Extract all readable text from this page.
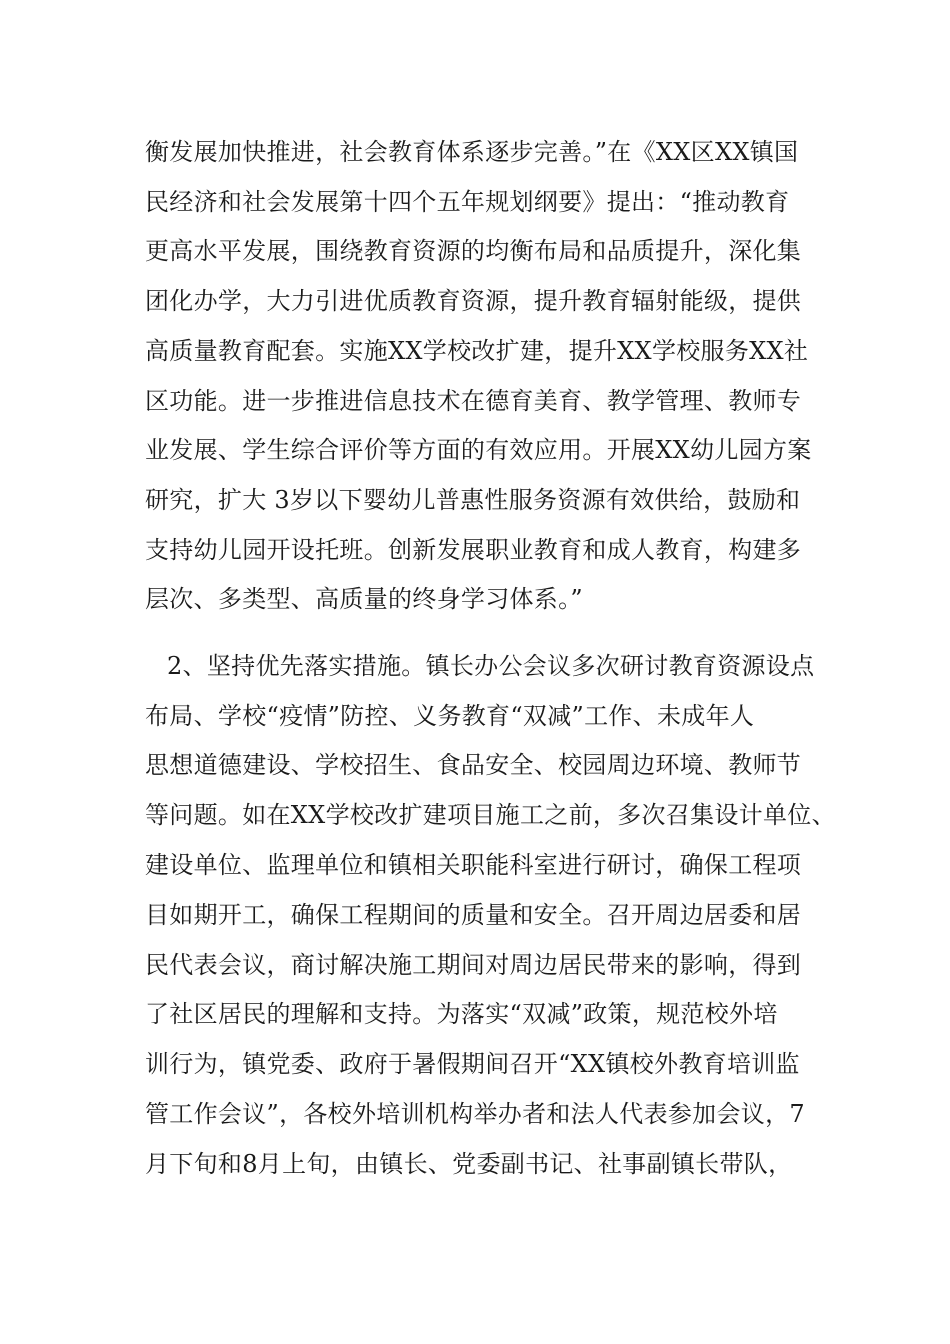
衡发展加快推进，社会教育体系逐步完善。”在《XX区XX镇国
民经济和社会发展第十四个五年规划纲要》提出：“推动教育
更高水平发展，围绕教育资源的均衡布局和品质提升，深化集
团化办学，大力引进优质教育资源，提升教育辐射能级，提供
高质量教育配套。实施XX学校改扩建，提升XX学校服务XX社
区功能。进一步推进信息技术在德育美育、教学管理、教师专
业发展、学生综合评价等方面的有效应用。开展XX幼儿园方案
研究，扩大 3岁以下婴幼儿普惠性服务资源有效供给，鼓励和
支持幼儿园开设托班。创新发展职业教育和成人教育，构建多
层次、多类型、高质量的终身学习体系。”
2、坚持优先落实措施。镇长办公会议多次研讨教育资源设点
布局、学校“疫情”防控、义务教育“双减”工作、未成年人
思想道德建设、学校招生、食品安全、校园周边环境、教师节
等问题。如在XX学校改扩建项目施工之前，多次召集设计单位、
建设单位、监理单位和镇相关职能科室进行研讨，确保工程项
目如期开工，确保工程期间的质量和安全。召开周边居委和居
民代表会议，商讨解决施工期间对周边居民带来的影响，得到
了社区居民的理解和支持。为落实“双减”政策，规范校外培
训行为，镇党委、政府于暑假期间召开“XX镇校外教育培训监
管工作会议”，各校外培训机构举办者和法人代表参加会议，7
月下旬和8月上旬，由镇长、党委副书记、社事副镇长带队，
